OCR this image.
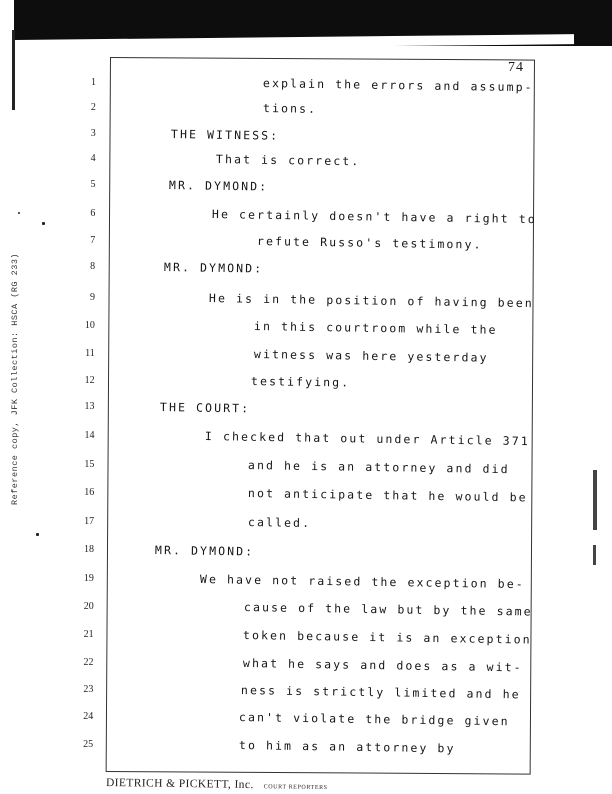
74
Reference copy, JFK Collection: HSCA (RG 233)
1
2
3
4
5
6
7
8
9
10
11
12
13
14
15
16
17
18
19
20
21
22
23
24
25
explain the errors and assump-
tions.
THE WITNESS:
That is correct.
MR. DYMOND:
He certainly doesn't have a right to
refute Russo's testimony.
MR. DYMOND:
He is in the position of having been
in this courtroom while the
witness was here yesterday
testifying.
THE COURT:
I checked that out under Article 371
and he is an attorney and did
not anticipate that he would be
called.
MR. DYMOND:
We have not raised the exception be-
cause of the law but by the same
token because it is an exception
what he says and does as a wit-
ness is strictly limited and he
can't violate the bridge given
to him as an attorney by
DIETRICH & PICKETT, Inc. COURT REPORTERS
